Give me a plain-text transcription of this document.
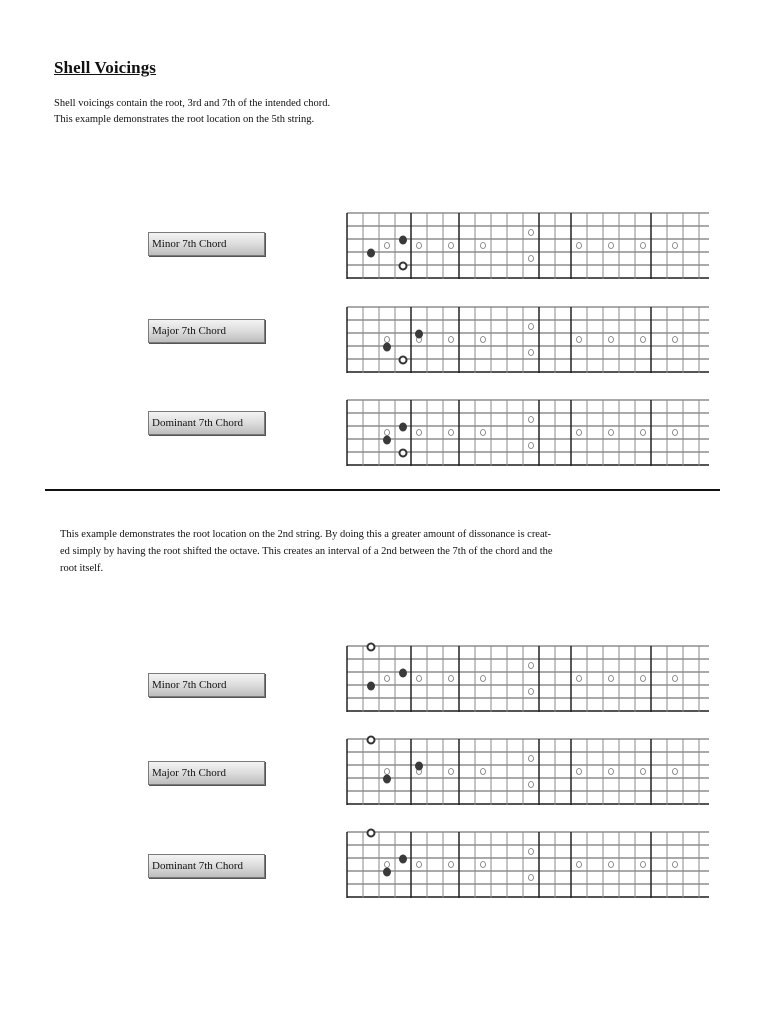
Shell Voicings
Shell voicings contain the root, 3rd and 7th of the intended chord.
This example demonstrates the root location on the 5th string.
Minor 7th Chord
Major 7th Chord
Dominant 7th Chord
This example demonstrates the root location on the 2nd string. By doing this a greater amount of dissonance is creat-
ed simply by having the root shifted the octave. This creates an interval of a 2nd between the 7th of the chord and the
root itself.
Minor 7th Chord
Major 7th Chord
Dominant 7th Chord
